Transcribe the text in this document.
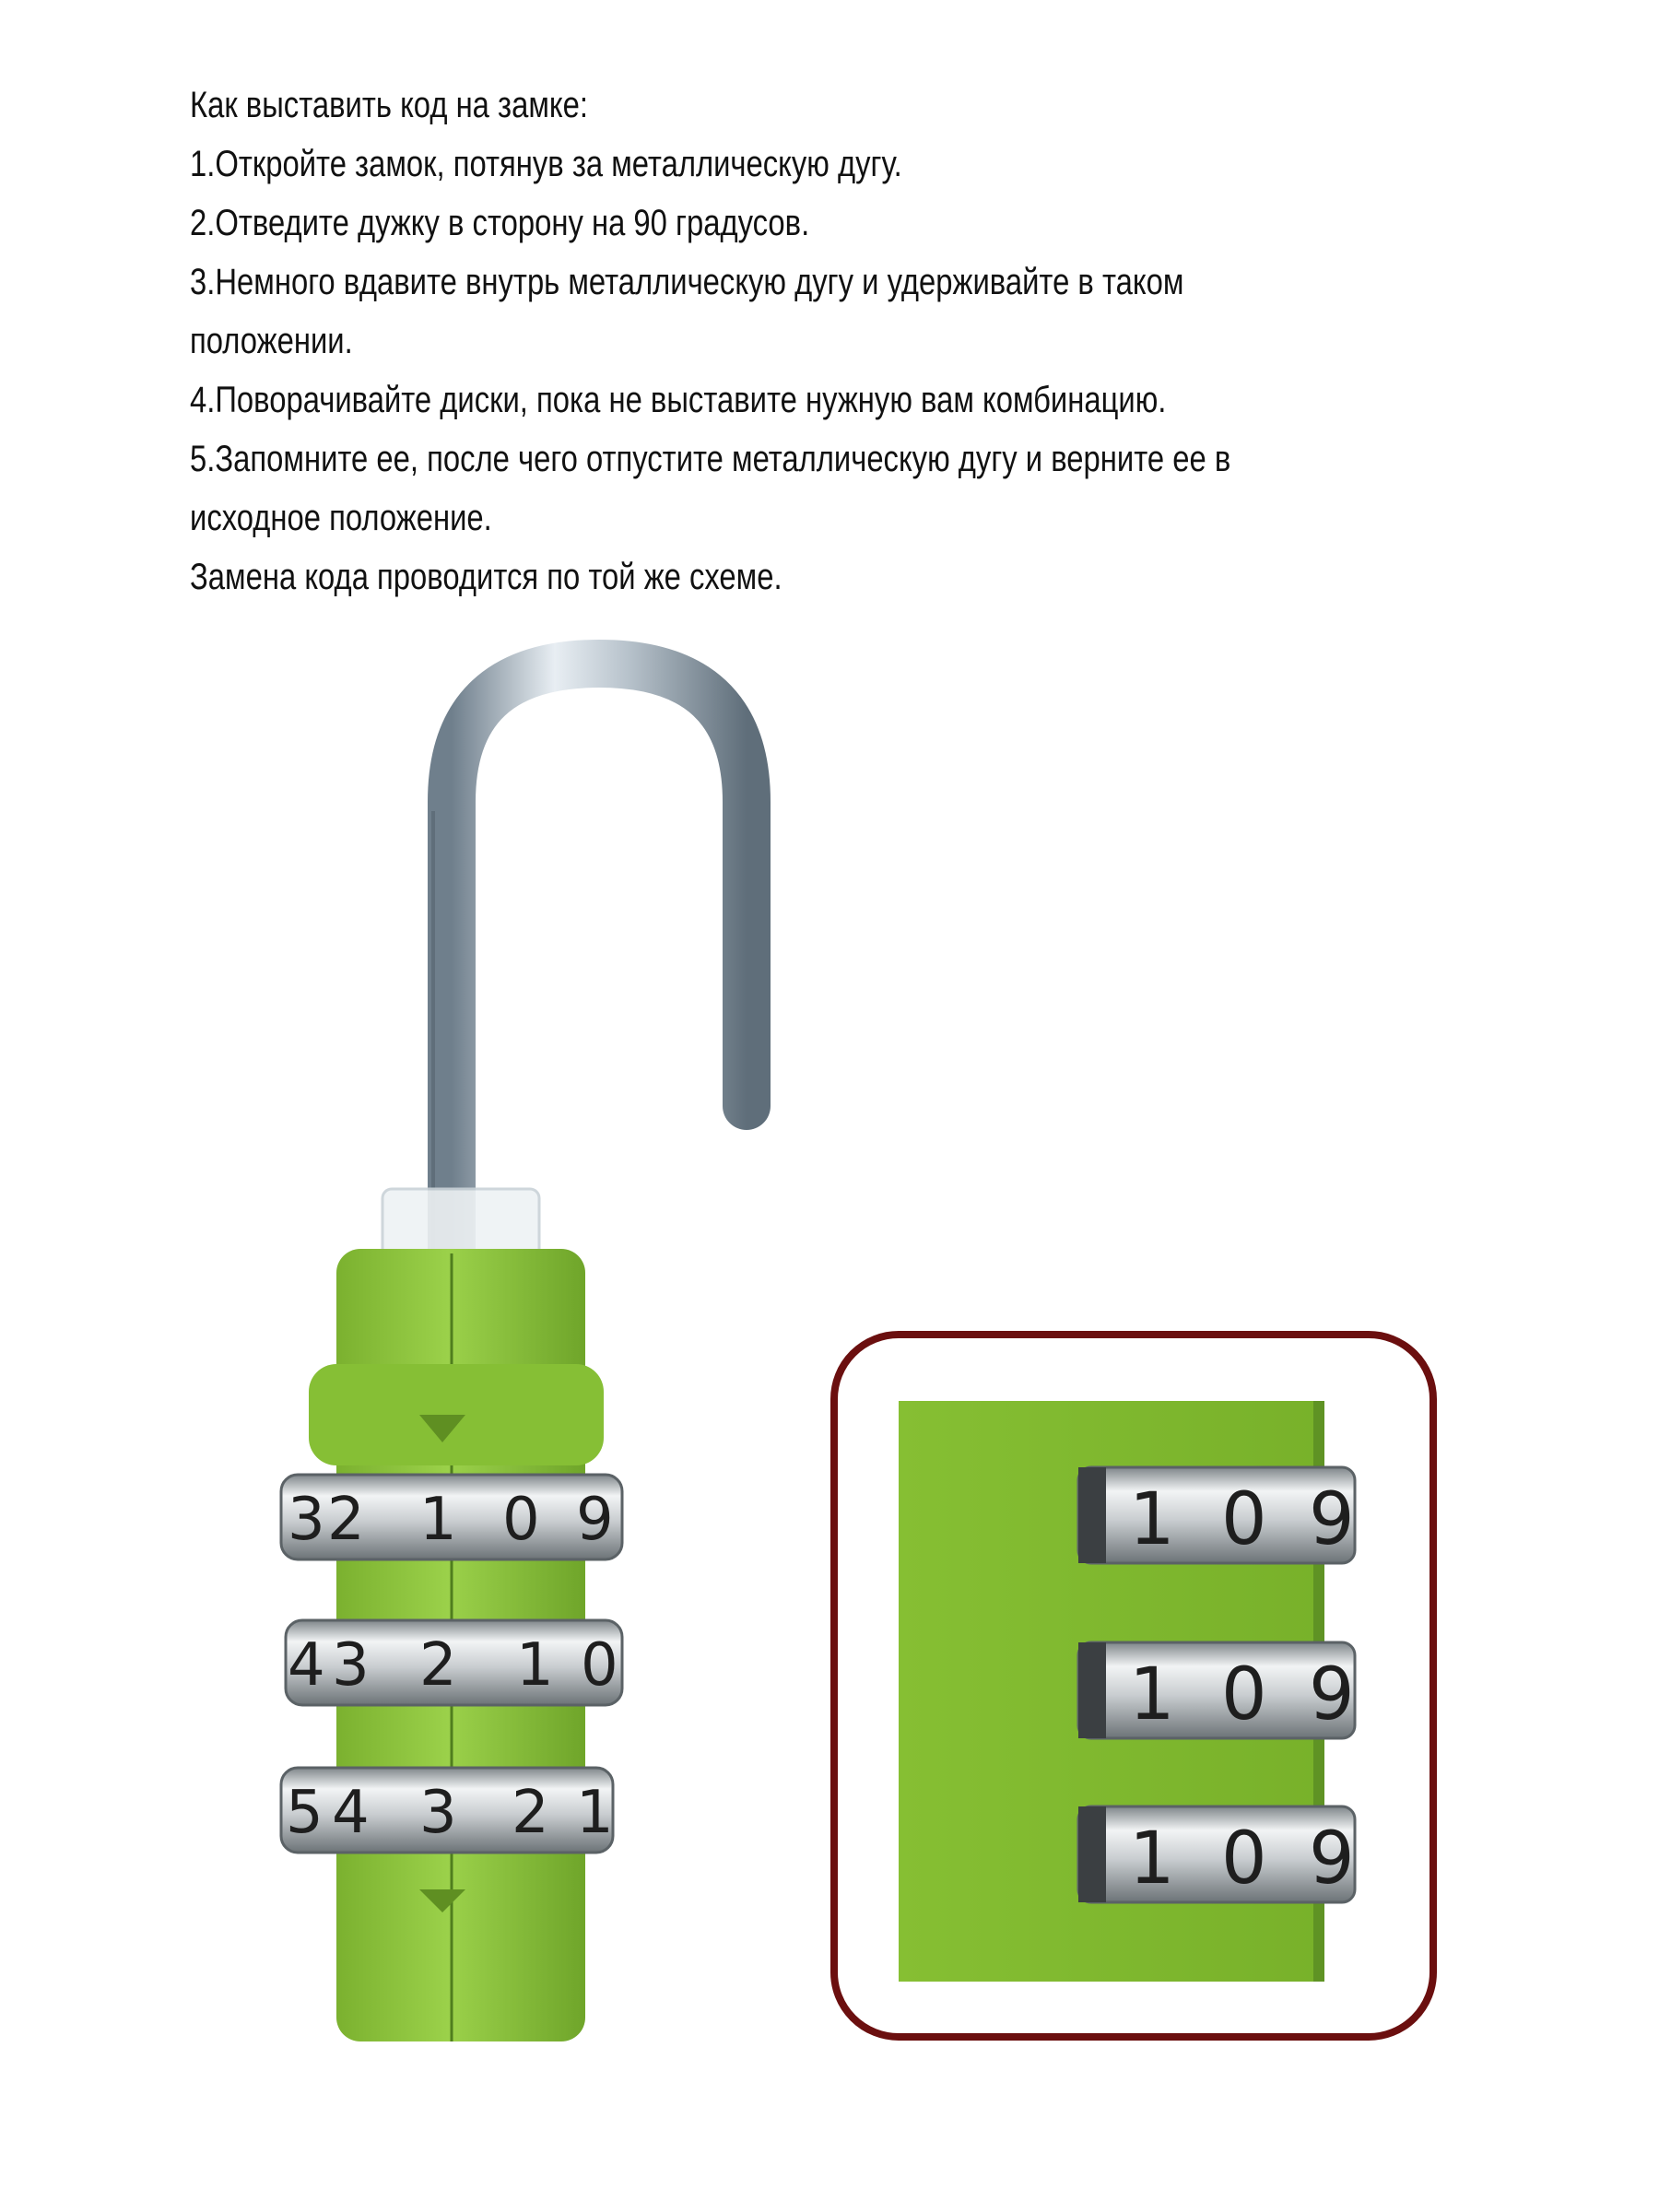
Как выставить код на замке:
1.Откройте замок, потянув за металлическую дугу.
2.Отведите дужку в сторону на 90 градусов.
3.Немного вдавите внутрь металлическую дугу и удерживайте в таком
положении.
4.Поворачивайте диски, пока не выставите нужную вам комбинацию.
5.Запомните ее, после чего отпустите металлическую дугу и верните ее в
исходное положение.
Замена кода проводится по той же схеме.
3 2 1 0 9
4 3 2 1 0
5 4 3 2 1
1 0 9
1 0 9
1 0 9
